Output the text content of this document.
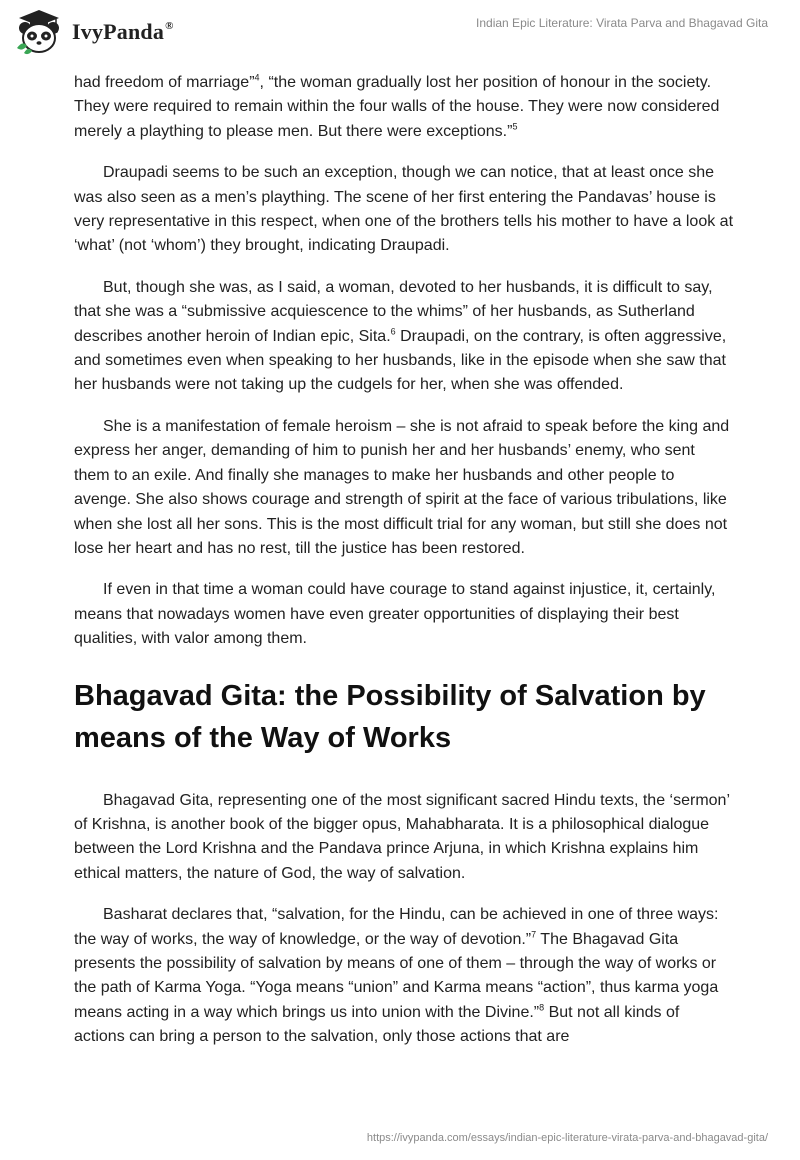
IvyPanda®	Indian Epic Literature: Virata Parva and Bhagavad Gita

had freedom of marriage”$^4$, “the woman gradually lost her position of honour in the society. They were required to remain within the four walls of the house. They were now considered merely a plaything to please men. But there were exceptions.”$^5$

Draupadi seems to be such an exception, though we can notice, that at least once she was also seen as a men’s plaything. The scene of her first entering the Pandavas’ house is very representative in this respect, when one of the brothers tells his mother to have a look at ‘what’ (not ‘whom’) they brought, indicating Draupadi.

But, though she was, as I said, a woman, devoted to her husbands, it is difficult to say, that she was a “submissive acquiescence to the whims” of her husbands, as Sutherland describes another heroin of Indian epic, Sita.$^6$ Draupadi, on the contrary, is often aggressive, and sometimes even when speaking to her husbands, like in the episode when she saw that her husbands were not taking up the cudgels for her, when she was offended.

She is a manifestation of female heroism – she is not afraid to speak before the king and express her anger, demanding of him to punish her and her husbands’ enemy, who sent them to an exile. And finally she manages to make her husbands and other people to avenge. She also shows courage and strength of spirit at the face of various tribulations, like when she lost all her sons. This is the most difficult trial for any woman, but still she does not lose her heart and has no rest, till the justice has been restored.

If even in that time a woman could have courage to stand against injustice, it, certainly, means that nowadays women have even greater opportunities of displaying their best qualities, with valor among them.

Bhagavad Gita: the Possibility of Salvation by means of the Way of Works

Bhagavad Gita, representing one of the most significant sacred Hindu texts, the ‘sermon’ of Krishna, is another book of the bigger opus, Mahabharata. It is a philosophical dialogue between the Lord Krishna and the Pandava prince Arjuna, in which Krishna explains him ethical matters, the nature of God, the way of salvation.

Basharat declares that, “salvation, for the Hindu, can be achieved in one of three ways: the way of works, the way of knowledge, or the way of devotion.”$^7$ The Bhagavad Gita presents the possibility of salvation by means of one of them – through the way of works or the path of Karma Yoga. “Yoga means “union” and Karma means “action”, thus karma yoga means acting in a way which brings us into union with the Divine.”$^8$ But not all kinds of actions can bring a person to the salvation, only those actions that are

https://ivypanda.com/essays/indian-epic-literature-virata-parva-and-bhagavad-gita/
